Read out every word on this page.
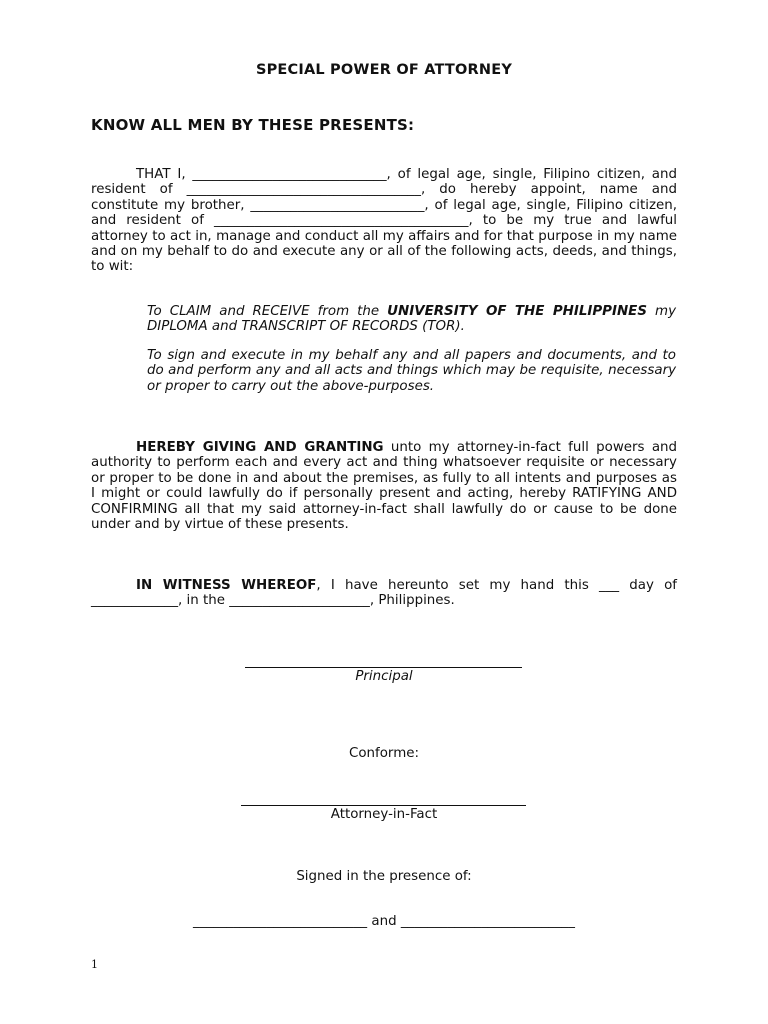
SPECIAL POWER OF ATTORNEY
KNOW ALL MEN BY THESE PRESENTS:
THAT I, _____________________________, of legal age, single, Filipino citizen, and resident of ___________________________________, do hereby appoint, name and constitute my brother, __________________________, of legal age, single, Filipino citizen, and resident of ______________________________________, to be my true and lawful attorney to act in, manage and conduct all my affairs and for that purpose in my name and on my behalf to do and execute any or all of the following acts, deeds, and things, to wit:
To CLAIM and RECEIVE from the UNIVERSITY OF THE PHILIPPINES my DIPLOMA and TRANSCRIPT OF RECORDS (TOR).
To sign and execute in my behalf any and all papers and documents, and to do and perform any and all acts and things which may be requisite, necessary or proper to carry out the above-purposes.
HEREBY GIVING AND GRANTING unto my attorney-in-fact full powers and authority to perform each and every act and thing whatsoever requisite or necessary or proper to be done in and about the premises, as fully to all intents and purposes as I might or could lawfully do if personally present and acting, hereby RATIFYING AND CONFIRMING all that my said attorney-in-fact shall lawfully do or cause to be done under and by virtue of these presents.
IN WITNESS WHEREOF, I have hereunto set my hand this ___ day of _____________, in the _____________________, Philippines.
Principal
Conforme:
Attorney-in-Fact
Signed in the presence of:
__________________________ and __________________________
1
